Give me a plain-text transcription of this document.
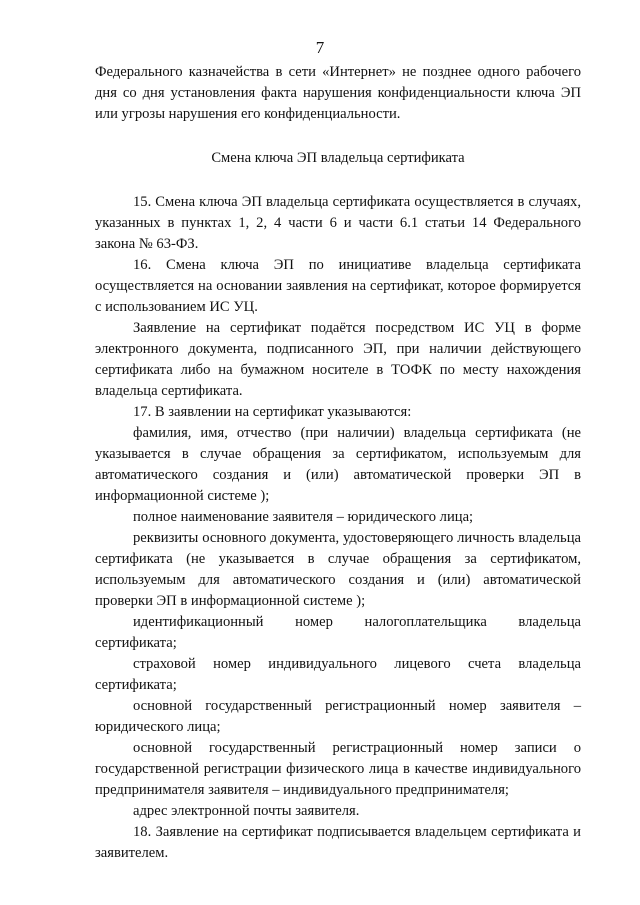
7

Федерального казначейства в сети «Интернет» не позднее одного рабочего дня со дня установления факта нарушения конфиденциальности ключа ЭП или угрозы нарушения его конфиденциальности.

Смена ключа ЭП владельца сертификата

15. Смена ключа ЭП владельца сертификата осуществляется в случаях, указанных в пунктах 1, 2, 4 части 6 и части 6.1 статьи 14 Федерального закона № 63-ФЗ.

16. Смена ключа ЭП по инициативе владельца сертификата осуществляется на основании заявления на сертификат, которое формируется с использованием ИС УЦ.

Заявление на сертификат подаётся посредством ИС УЦ в форме электронного документа, подписанного ЭП, при наличии действующего сертификата либо на бумажном носителе в ТОФК по месту нахождения владельца сертификата.

17. В заявлении на сертификат указываются:

фамилия, имя, отчество (при наличии) владельца сертификата (не указывается в случае обращения за сертификатом, используемым для автоматического создания и (или) автоматической проверки ЭП в информационной системе );

полное наименование заявителя – юридического лица;

реквизиты основного документа, удостоверяющего личность владельца сертификата (не указывается в случае обращения за сертификатом, используемым для автоматического создания и (или) автоматической проверки ЭП в информационной системе );

идентификационный номер налогоплательщика владельца сертификата;

страховой номер индивидуального лицевого счета владельца сертификата;

основной государственный регистрационный номер заявителя – юридического лица;

основной государственный регистрационный номер записи о государственной регистрации физического лица в качестве индивидуального предпринимателя заявителя – индивидуального предпринимателя;

адрес электронной почты заявителя.

18. Заявление на сертификат подписывается владельцем сертификата и заявителем.
